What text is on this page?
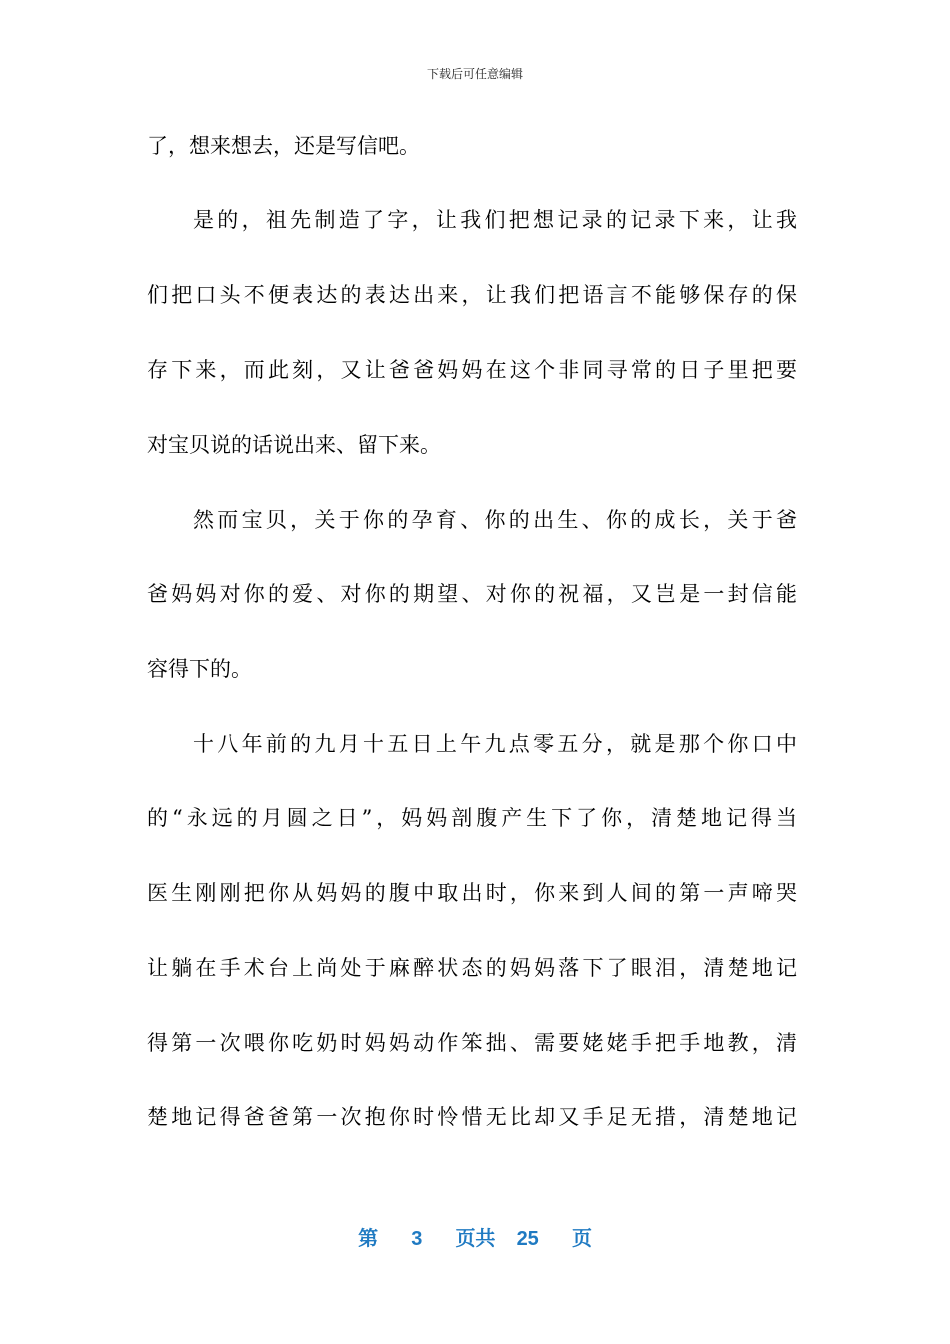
下载后可任意编辑
了，想来想去，还是写信吧。
是的，祖先制造了字，让我们把想记录的记录下来，让我
们把口头不便表达的表达出来，让我们把语言不能够保存的保
存下来，而此刻，又让爸爸妈妈在这个非同寻常的日子里把要
对宝贝说的话说出来、留下来。
然而宝贝，关于你的孕育、你的出生、你的成长，关于爸
爸妈妈对你的爱、对你的期望、对你的祝福，又岂是一封信能
容得下的。
十八年前的九月十五日上午九点零五分，就是那个你口中
的“永远的月圆之日”，妈妈剖腹产生下了你，清楚地记得当
医生刚刚把你从妈妈的腹中取出时，你来到人间的第一声啼哭
让躺在手术台上尚处于麻醉状态的妈妈落下了眼泪，清楚地记
得第一次喂你吃奶时妈妈动作笨拙、需要姥姥手把手地教，清
楚地记得爸爸第一次抱你时怜惜无比却又手足无措，清楚地记
第 3 页共 25 页
